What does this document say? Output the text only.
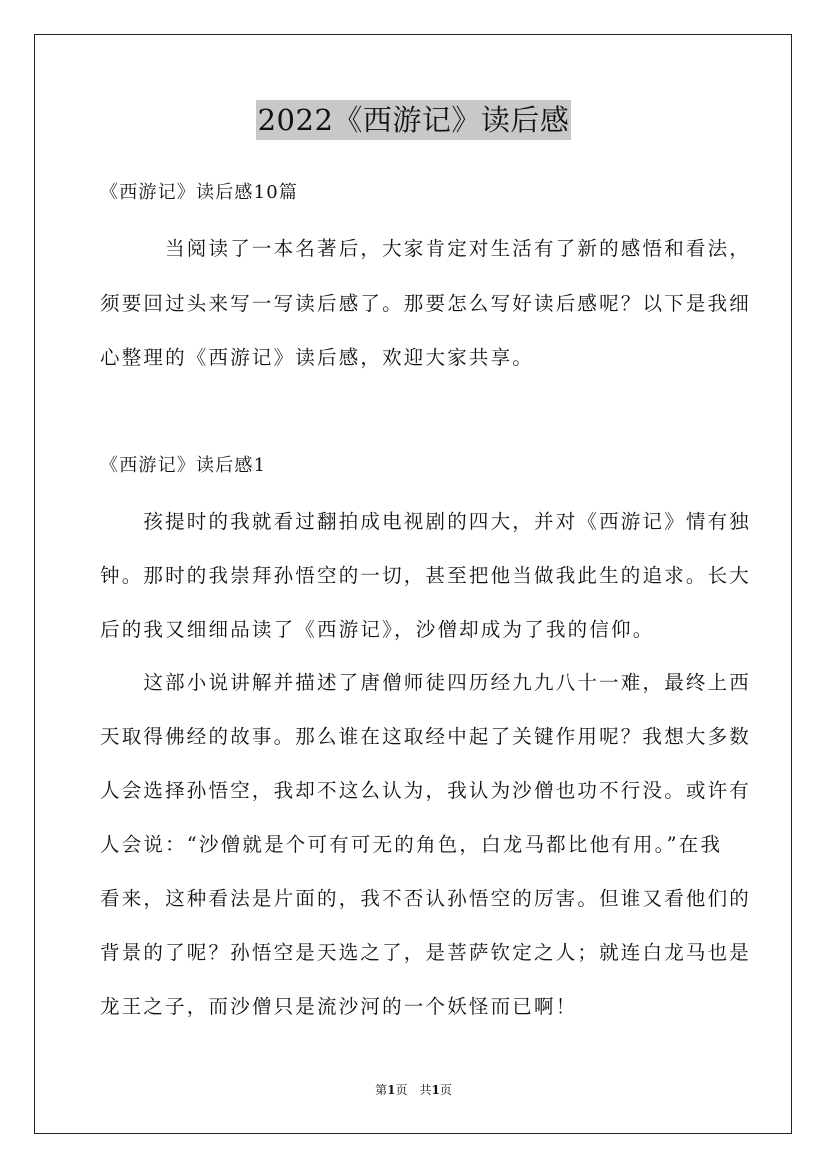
2022《西游记》读后感
《西游记》读后感10篇
　　　当阅读了一本名著后，大家肯定对生活有了新的感悟和看法，
须要回过头来写一写读后感了。那要怎么写好读后感呢？以下是我细
心整理的《西游记》读后感，欢迎大家共享。
《西游记》读后感1
　　孩提时的我就看过翻拍成电视剧的四大，并对《西游记》情有独
钟。那时的我崇拜孙悟空的一切，甚至把他当做我此生的追求。长大
后的我又细细品读了《西游记》，沙僧却成为了我的信仰。
　　这部小说讲解并描述了唐僧师徒四历经九九八十一难，最终上西
天取得佛经的故事。那么谁在这取经中起了关键作用呢？我想大多数
人会选择孙悟空，我却不这么认为，我认为沙僧也功不行没。或许有
人会说：“沙僧就是个可有可无的角色，白龙马都比他有用。”在我
看来，这种看法是片面的，我不否认孙悟空的厉害。但谁又看他们的
背景的了呢？孙悟空是天选之了，是菩萨钦定之人；就连白龙马也是
龙王之子，而沙僧只是流沙河的一个妖怪而已啊！
第1页　共1页
